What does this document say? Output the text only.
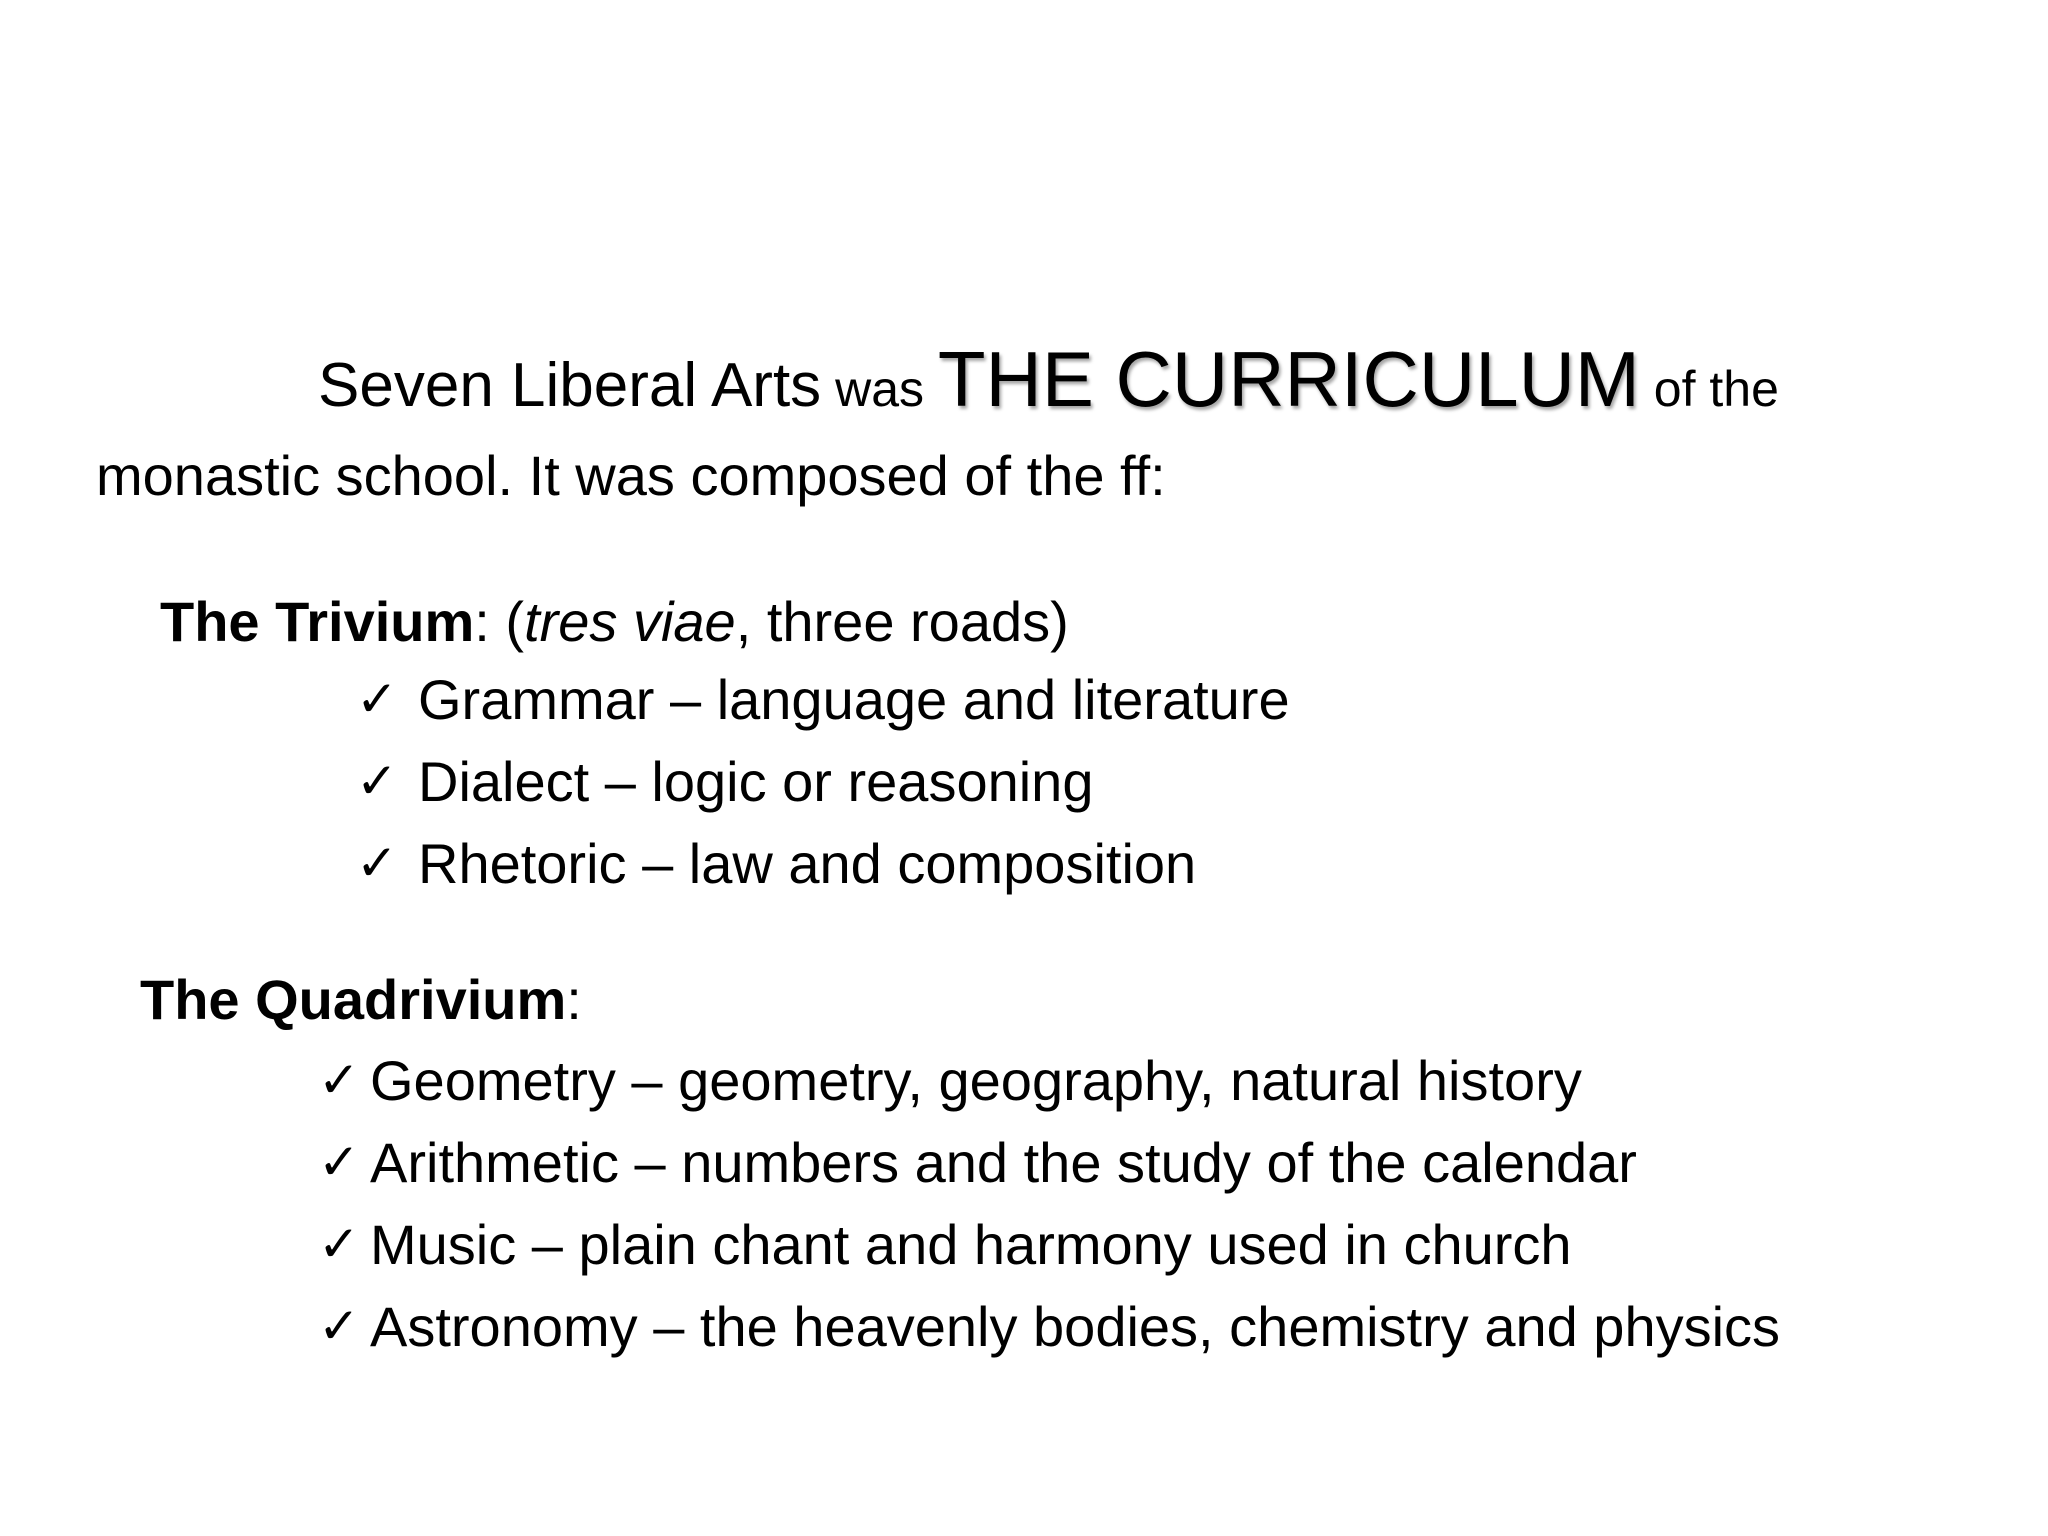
Seven Liberal Arts was THE CURRICULUM of the
monastic school. It was composed of the ff:
The Trivium: (tres viae, three roads)
✓ Grammar – language and literature
✓ Dialect – logic or reasoning
✓ Rhetoric – law and composition
The Quadrivium:
✓ Geometry – geometry, geography, natural history
✓ Arithmetic – numbers and the study of the calendar
✓ Music – plain chant and harmony used in church
✓ Astronomy – the heavenly bodies, chemistry and physics
